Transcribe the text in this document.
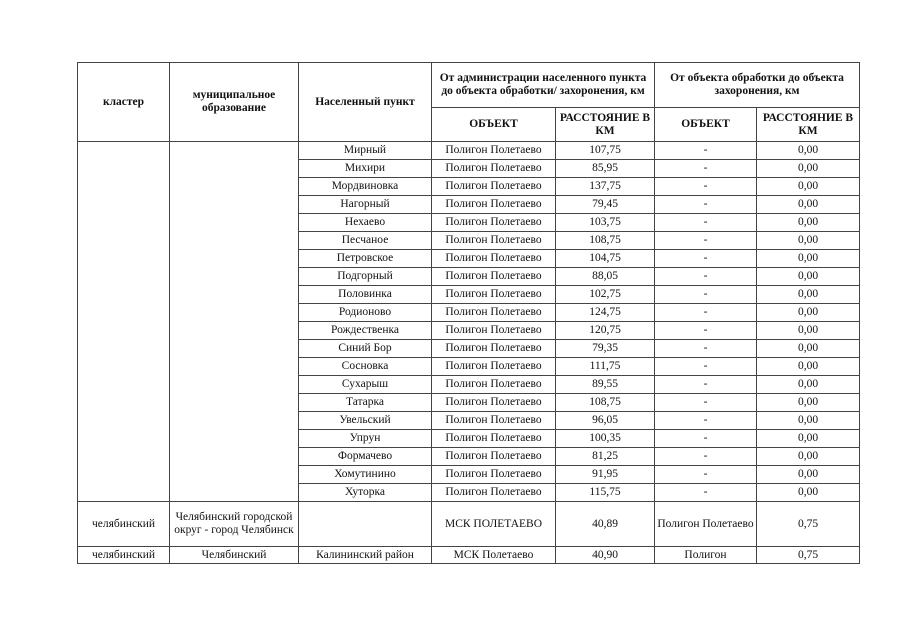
кластер	муниципальное образование	Населенный пункт	От администрации населенного пункта до объекта обработки/ захоронения, км		От объекта обработки до объекта захоронения, км	
			ОБЪЕКТ	РАССТОЯНИЕ В КМ	ОБЪЕКТ	РАССТОЯНИЕ В КМ
		Мирный	Полигон Полетаево	107,75	-	0,00
		Михири	Полигон Полетаево	85,95	-	0,00
		Мордвиновка	Полигон Полетаево	137,75	-	0,00
		Нагорный	Полигон Полетаево	79,45	-	0,00
		Нехаево	Полигон Полетаево	103,75	-	0,00
		Песчаное	Полигон Полетаево	108,75	-	0,00
		Петровское	Полигон Полетаево	104,75	-	0,00
		Подгорный	Полигон Полетаево	88,05	-	0,00
		Половинка	Полигон Полетаево	102,75	-	0,00
		Родионово	Полигон Полетаево	124,75	-	0,00
		Рождественка	Полигон Полетаево	120,75	-	0,00
		Синий Бор	Полигон Полетаево	79,35	-	0,00
		Сосновка	Полигон Полетаево	111,75	-	0,00
		Сухарыш	Полигон Полетаево	89,55	-	0,00
		Татарка	Полигон Полетаево	108,75	-	0,00
		Увельский	Полигон Полетаево	96,05	-	0,00
		Упрун	Полигон Полетаево	100,35	-	0,00
		Формачево	Полигон Полетаево	81,25	-	0,00
		Хомутинино	Полигон Полетаево	91,95	-	0,00
		Хуторка	Полигон Полетаево	115,75	-	0,00
челябинский	Челябинский городской округ - город Челябинск		МСК ПОЛЕТАЕВО	40,89	Полигон Полетаево	0,75
челябинский	Челябинский	Калининский район	МСК Полетаево	40,90	Полигон	0,75
